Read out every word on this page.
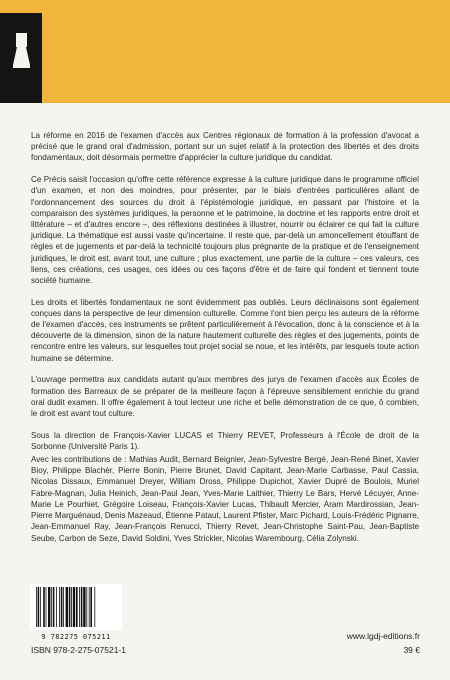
La réforme en 2016 de l'examen d'accès aux Centres régionaux de formation à la profession d'avocat a précisé que le grand oral d'admission, portant sur un sujet relatif à la protection des libertés et des droits fondamentaux, doit désormais permettre d'apprécier la culture juridique du candidat.

Ce Précis saisit l'occasion qu'offre cette référence expresse à la culture juridique dans le programme officiel d'un examen, et non des moindres, pour présenter, par le biais d'entrées particulières allant de l'ordonnancement des sources du droit à l'épistémologie juridique, en passant par l'histoire et la comparaison des systèmes juridiques, la personne et le patrimoine, la doctrine et les rapports entre droit et littérature – et d'autres encore –, des réflexions destinées à illustrer, nourrir ou éclairer ce qui fait la culture juridique. La thématique est aussi vaste qu'incertaine. Il reste que, par-delà un amoncellement étouffant de règles et de jugements et par-delà la technicité toujours plus prégnante de la pratique et de l'enseignement juridiques, le droit est, avant tout, une culture ; plus exactement, une partie de la culture – ces valeurs, ces liens, ces créations, ces usages, ces idées ou ces façons d'être et de faire qui fondent et tiennent toute société humaine.

Les droits et libertés fondamentaux ne sont évidemment pas oubliés. Leurs déclinaisons sont également conçues dans la perspective de leur dimension culturelle. Comme l'ont bien perçu les auteurs de la réforme de l'examen d'accès, ces instruments se prêtent particulièrement à l'évocation, donc à la conscience et à la découverte de la dimension, sinon de la nature hautement culturelle des règles et des jugements, points de rencontre entre les valeurs, sur lesquelles tout projet social se noue, et les intérêts, par lesquels toute action humaine se détermine.

L'ouvrage permettra aux candidats autant qu'aux membres des jurys de l'examen d'accès aux Écoles de formation des Barreaux de se préparer de la meilleure façon à l'épreuve sensiblement enrichie du grand oral dudit examen. Il offre également à tout lecteur une riche et belle démonstration de ce que, ô combien, le droit est avant tout culture.

Sous la direction de François-Xavier LUCAS et Thierry REVET, Professeurs à l'École de droit de la Sorbonne (Université Paris 1).

Avec les contributions de : Mathias Audit, Bernard Beignier, Jean-Sylvestre Bergé, Jean-René Binet, Xavier Bioy, Philippe Blachèr, Pierre Bonin, Pierre Brunet, David Capitant, Jean-Marie Carbasse, Paul Cassia, Nicolas Dissaux, Emmanuel Dreyer, William Dross, Philippe Dupichot, Xavier Dupré de Boulois, Muriel Fabre-Magnan, Julia Heinich, Jean-Paul Jean, Yves-Marie Laithier, Thierry Le Bars, Hervé Lécuyer, Anne-Marie Le Pourhiet, Grégoire Loiseau, François-Xavier Lucas, Thibault Mercier, Aram Mardirossian, Jean-Pierre Marguénaud, Denis Mazeaud, Étienne Pataut, Laurent Pfister, Marc Pichard, Louis-Frédéric Pignarre, Jean-Emmanuel Ray, Jean-François Renucci, Thierry Revet, Jean-Christophe Saint-Pau, Jean-Baptiste Seube, Carbon de Seze, David Soldini, Yves Strickler, Nicolas Warembourg, Célia Zolynski.

9 782275 075211
ISBN 978-2-275-07521-1
www.lgdj-editions.fr
39 €
